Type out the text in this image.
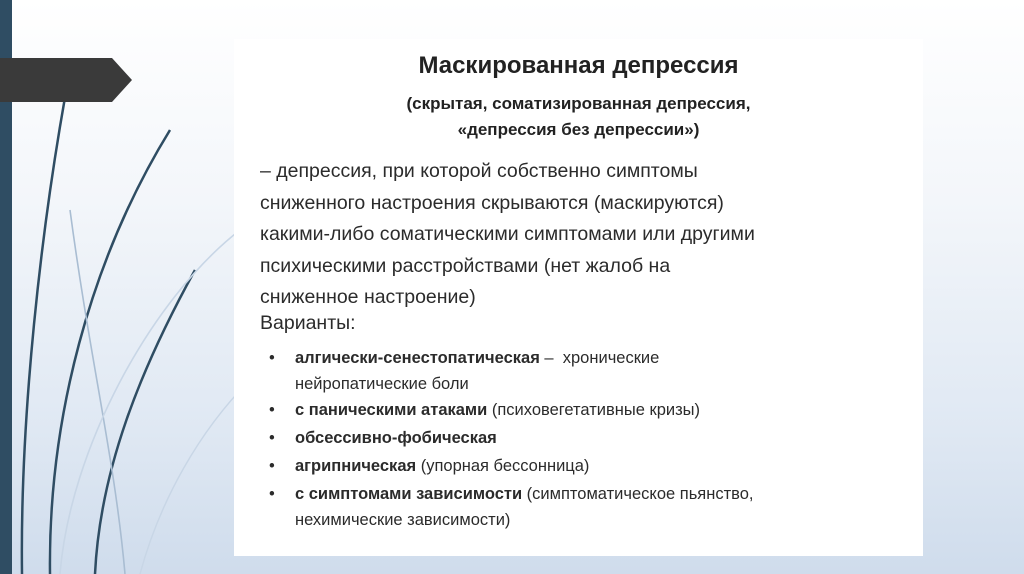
Маскированная депрессия
(скрытая, соматизированная депрессия,
«депрессия без депрессии»)
– депрессия, при которой собственно симптомы
сниженного настроения скрываются (маскируются)
какими-либо соматическими симптомами или другими
психическими расстройствами (нет жалоб на
сниженное настроение)
Варианты:
• алгически-сенестопатическая –  хронические
нейропатические боли
• с паническими атаками (психовегетативные кризы)
• обсессивно-фобическая
• агрипническая (упорная бессонница)
• с симптомами зависимости (симптоматическое пьянство,
нехимические зависимости)
